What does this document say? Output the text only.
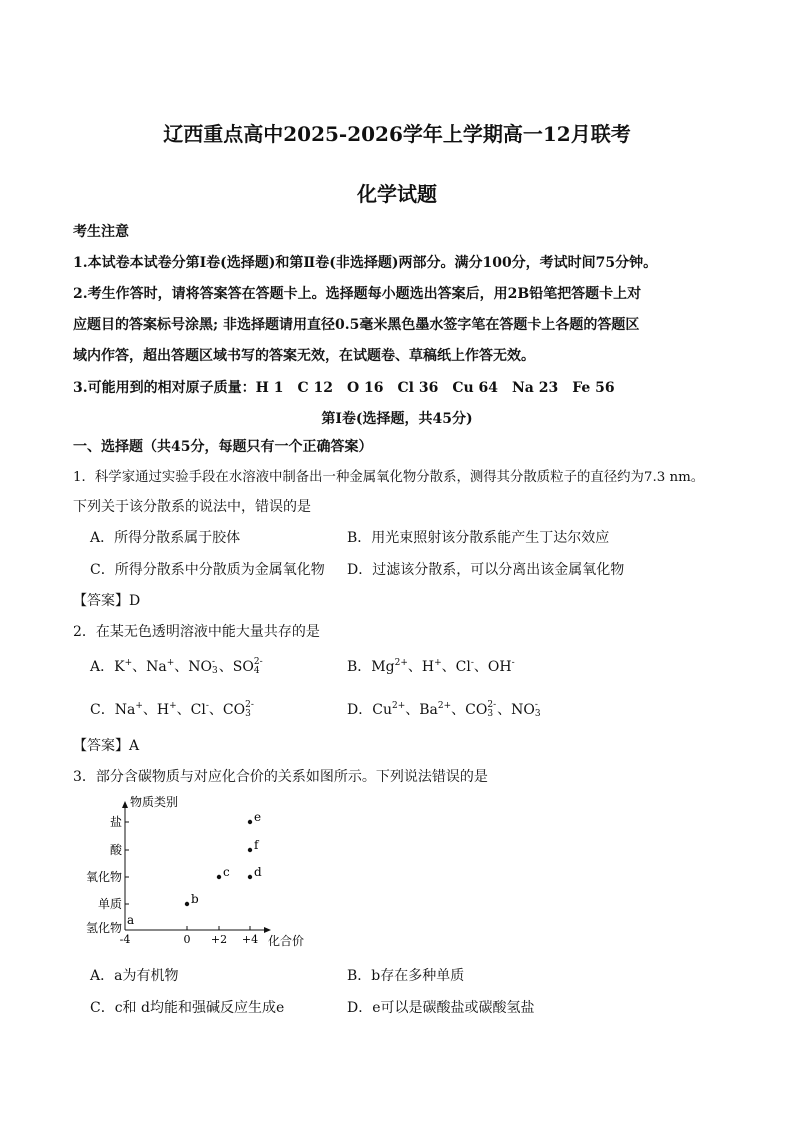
辽西重点高中2025-2026学年上学期高一12月联考
化学试题
考生注意
1.本试卷本试卷分第Ⅰ卷(选择题)和第Ⅱ卷(非选择题)两部分。满分100分，考试时间75分钟。
2.考生作答时，请将答案答在答题卡上。选择题每小题选出答案后，用2B铅笔把答题卡上对
应题目的答案标号涂黑; 非选择题请用直径0.5毫米黑色墨水签字笔在答题卡上各题的答题区
域内作答，超出答题区域书写的答案无效，在试题卷、草稿纸上作答无效。
3.可能用到的相对原子质量：H 1　C 12　O 16　Cl 36　Cu 64　Na 23　Fe 56
第Ⅰ卷(选择题，共45分)
一、选择题（共45分，每题只有一个正确答案）
1．科学家通过实验手段在水溶液中制备出一种金属氧化物分散系，测得其分散质粒子的直径约为7.3 nm。
下列关于该分散系的说法中，错误的是
A．所得分散系属于胶体	B．用光束照射该分散系能产生丁达尔效应
C．所得分散系中分散质为金属氧化物 D．过滤该分散系，可以分离出该金属氧化物
【答案】D
2．在某无色透明溶液中能大量共存的是
A．K+、Na+、NO -
3 、SO 2-
4	B．$Mg^{2+}$、H+、Cl-、OH-
C．Na+、H+、Cl-、CO 2-
3	D．$Cu^{2+}$、$Ba^{2+}$、CO 2-
3 、NO -
3
【答案】A
3．部分含碳物质与对应化合价的关系如图所示。下列说法错误的是
物质类别
化合价
氢化物
单质
氧化物
酸
盐
-4	0 +2 +4
a
b
c d
f
e
A．a为有机物	B．b存在多种单质
C．c和 d均能和强碱反应生成e	D．e可以是碳酸盐或碳酸氢盐
